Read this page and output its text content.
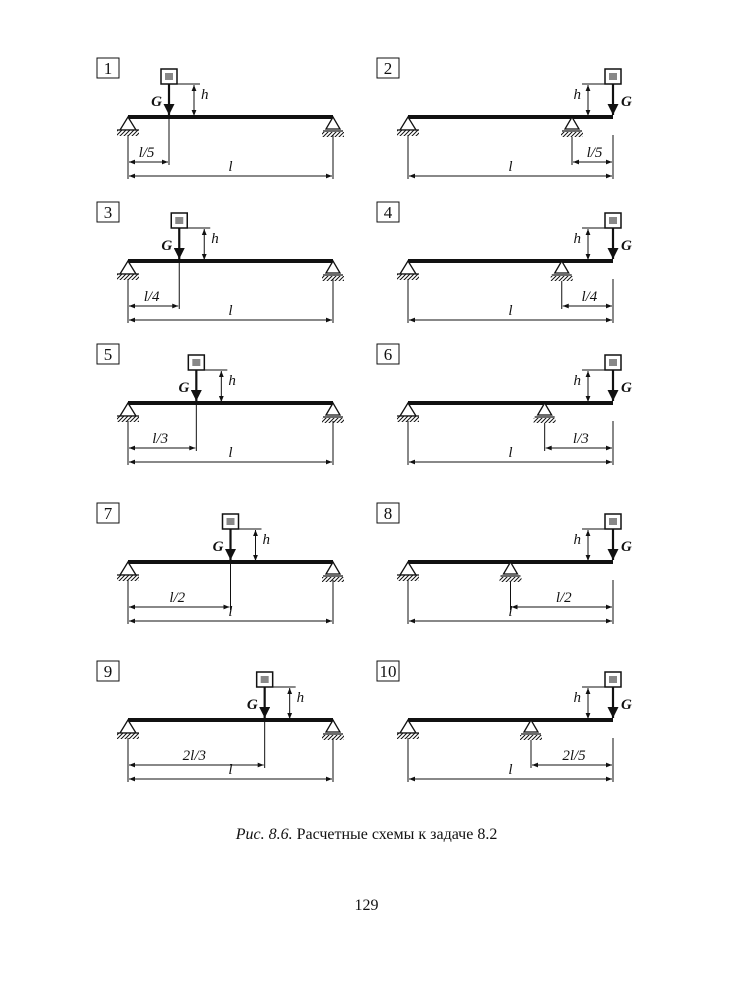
1
l/5
l
h
G
2
l/5
l
h	G
3
l/4
l
h
G
4
l/4
l
h	G
5
l/3
l
h
G
6
l/3
l
h	G
7
l/2
l
h
G
8
l/2
l
h	G
9
2l/3
l
h
G
10
2l/5
l
h	G
Рис. 8.6. Расчетные схемы к задаче 8.2
129
